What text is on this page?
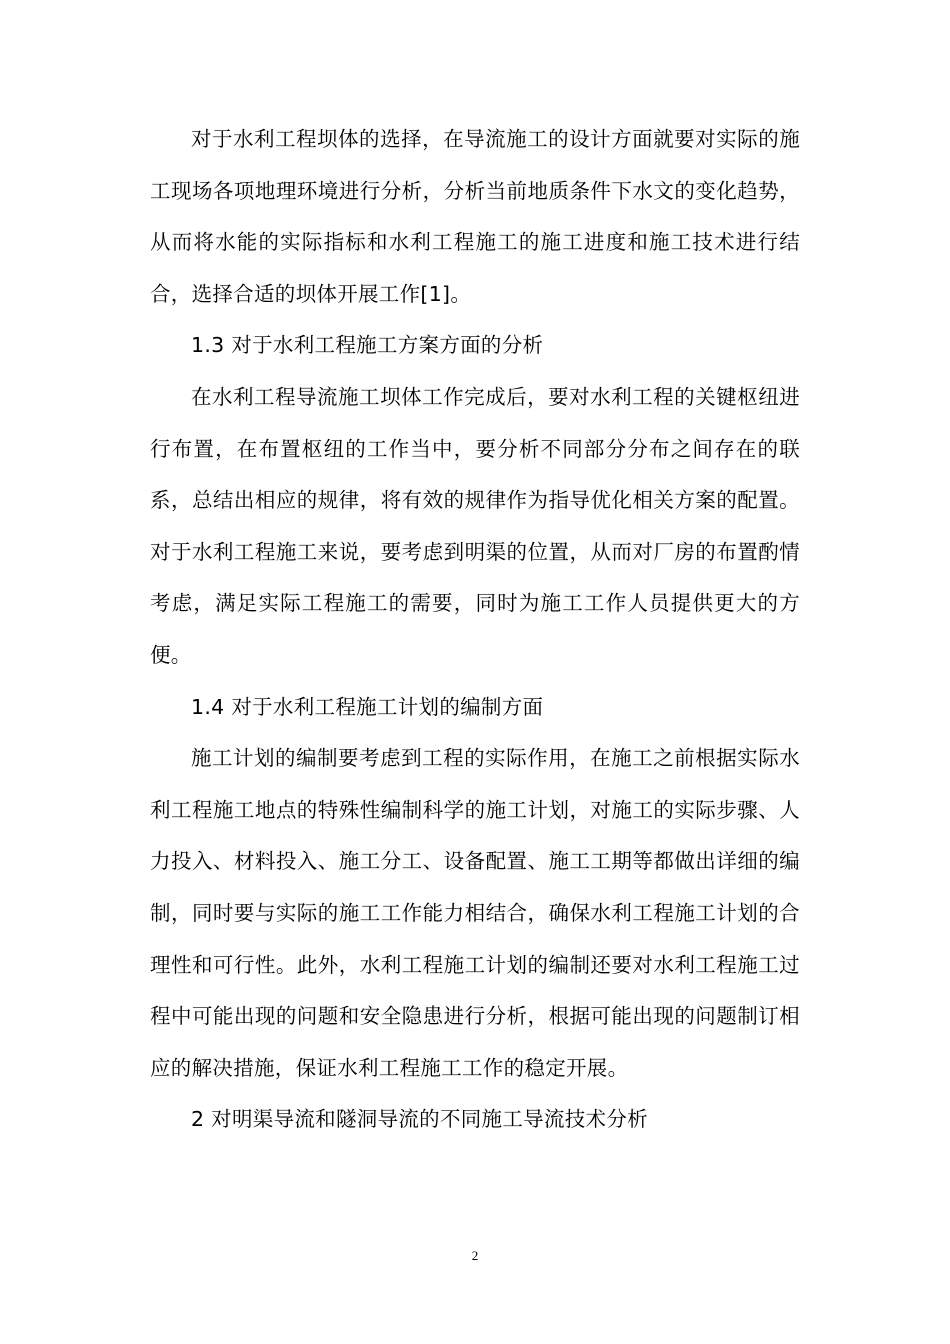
对于水利工程坝体的选择，在导流施工的设计方面就要对实际的施工现场各项地理环境进行分析，分析当前地质条件下水文的变化趋势，从而将水能的实际指标和水利工程施工的施工进度和施工技术进行结合，选择合适的坝体开展工作[1]。

1.3 对于水利工程施工方案方面的分析

在水利工程导流施工坝体工作完成后，要对水利工程的关键枢纽进行布置，在布置枢纽的工作当中，要分析不同部分分布之间存在的联系，总结出相应的规律，将有效的规律作为指导优化相关方案的配置。对于水利工程施工来说，要考虑到明渠的位置，从而对厂房的布置酌情考虑，满足实际工程施工的需要，同时为施工工作人员提供更大的方便。

1.4 对于水利工程施工计划的编制方面

施工计划的编制要考虑到工程的实际作用，在施工之前根据实际水利工程施工地点的特殊性编制科学的施工计划，对施工的实际步骤、人力投入、材料投入、施工分工、设备配置、施工工期等都做出详细的编制，同时要与实际的施工工作能力相结合，确保水利工程施工计划的合理性和可行性。此外，水利工程施工计划的编制还要对水利工程施工过程中可能出现的问题和安全隐患进行分析，根据可能出现的问题制订相应的解决措施，保证水利工程施工工作的稳定开展。

2 对明渠导流和隧洞导流的不同施工导流技术分析

2
